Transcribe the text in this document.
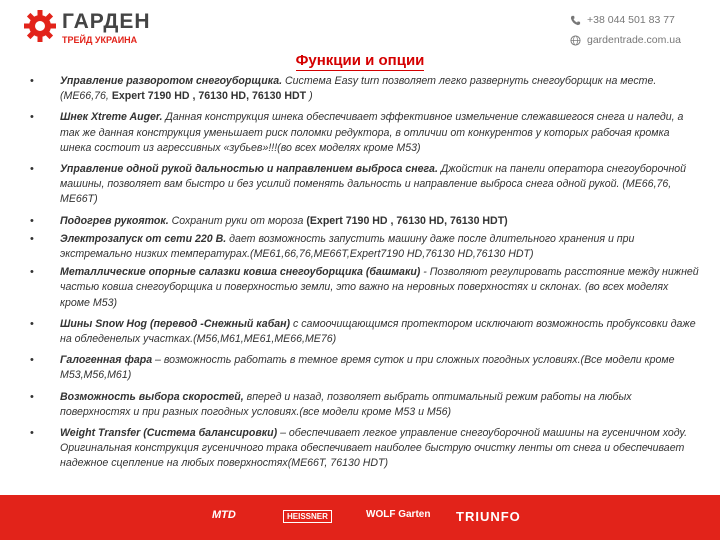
ГАРДЕН
ТРЕЙД УКРАИНА
+38 044 501 83 77
gardentrade.com.ua
Функции и опции
• Управление разворотом снегоуборщика. Система Easy turn позволяет легко развернуть снегоуборщик на месте.(ME66,76, Expert 7190 HD , 76130 HD, 76130 HDT )
• Шнек Xtreme Auger. Данная конструкция шнека обеспечивает эффективное измельчение слежавшегося снега и наледи, а так же данная конструкция уменьшает риск поломки редуктора, в отличии от конкурентов у которых рабочая кромка шнека состоит из агрессивных «зубьев»!!!(во всех моделях кроме M53)
• Управление одной рукой дальностью и направлением выброса снега. Джойстик на панели оператора снегоуборочной машины, позволяет вам быстро и без усилий поменять дальность и направление выброса снега одной рукой. (ME66,76, ME66T)
• Подогрев рукояток. Сохранит руки от мороза (Expert 7190 HD , 76130 HD, 76130 HDT)
• Электрозапуск от сети 220 В. дает возможность запустить машину даже после длительного хранения и при экстремально низких температурах.(ME61,66,76,ME66T,Expert7190 HD,76130 HD,76130 HDT)
• Металлические опорные салазки ковша снегоуборщика (башмаки) - Позволяют регулировать расстояние между нижней частью ковша снегоуборщика и поверхностью земли, это важно на неровных поверхностях и склонах. (во всех моделях кроме M53)
• Шины Snow Hog (перевод -Снежный кабан) с самоочищающимся протектором исключают возможность пробуксовки даже на обледенелых участках.(M56,M61,ME61,ME66,ME76)
• Галогенная фара – возможность работать в темное время суток и при сложных погодных условиях.(Все модели кроме M53,M56,M61)
• Возможность выбора скоростей, вперед и назад, позволяет выбрать оптимальный режим работы на любых поверхностях и при разных погодных условиях.(все модели кроме M53 и M56)
• Weight Transfer (Система балансировки) – обеспечивает легкое управление снегоуборочной машины на гусеничном ходу. Оригинальная конструкция гусеничного трака обеспечивает наиболее быструю очистку ленты от снега и обеспечивает надежное сцепление на любых поверхностях(ME66T, 76130 HDT)
MTD	HEISSNER	WOLF Garten TRIUNFO
